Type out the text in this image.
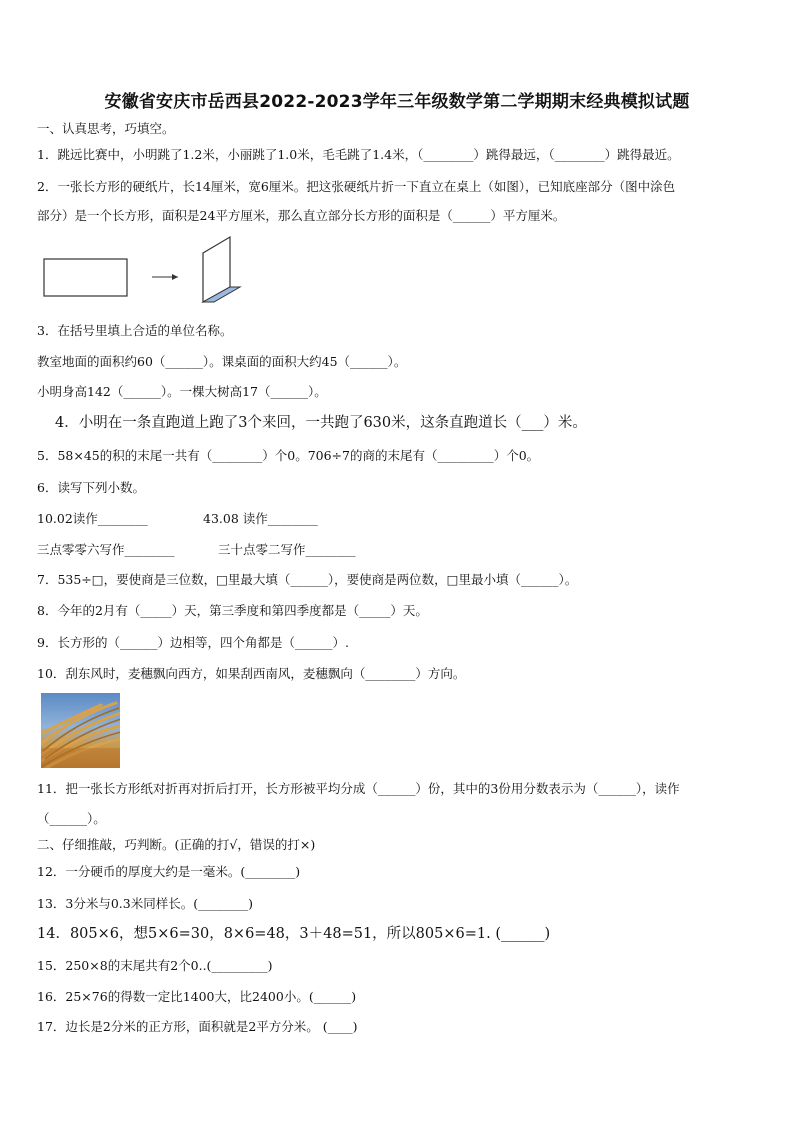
安徽省安庆市岳西县2022-2023学年三年级数学第二学期期末经典模拟试题
一、认真思考，巧填空。
1．跳远比赛中，小明跳了1.2米，小丽跳了1.0米，毛毛跳了1.4米，（________）跳得最远，（________）跳得最近。
2．一张长方形的硬纸片，长14厘米，宽6厘米。把这张硬纸片折一下直立在桌上（如图），已知底座部分（图中涂色
部分）是一个长方形，面积是24平方厘米，那么直立部分长方形的面积是（______）平方厘米。
3．在括号里填上合适的单位名称。
教室地面的面积约60（______）。课桌面的面积大约45（______）。
小明身高142（______）。一棵大树高17（______）。
4．小明在一条直跑道上跑了3个来回，一共跑了630米，这条直跑道长（___）米。
5．58×45的积的末尾一共有（________）个0。706÷7的商的末尾有（_________）个0。
6．读写下列小数。
10.02读作________	43.08 读作________
三点零零六写作________	三十点零二写作________
7．535÷□，要使商是三位数，□里最大填（______），要使商是两位数，□里最小填（______）。
8．今年的2月有（_____）天，第三季度和第四季度都是（_____）天。
9．长方形的（______）边相等，四个角都是（______）.
10．刮东风时，麦穗飘向西方，如果刮西南风，麦穗飘向（________）方向。
11．把一张长方形纸对折再对折后打开，长方形被平均分成（______）份，其中的3份用分数表示为（______），读作
（______）。
二、仔细推敲，巧判断。(正确的打√，错误的打×)
12．一分硬币的厚度大约是一毫米。(________)
13．3分米与0.3米同样长。(________)
14．805×6，想5×6=30，8×6=48，3＋48=51，所以805×6=1. (______)
15．250×8的末尾共有2个0..(_________)
16．25×76的得数一定比1400大，比2400小。(______)
17．边长是2分米的正方形，面积就是2平方分米。 (____)
